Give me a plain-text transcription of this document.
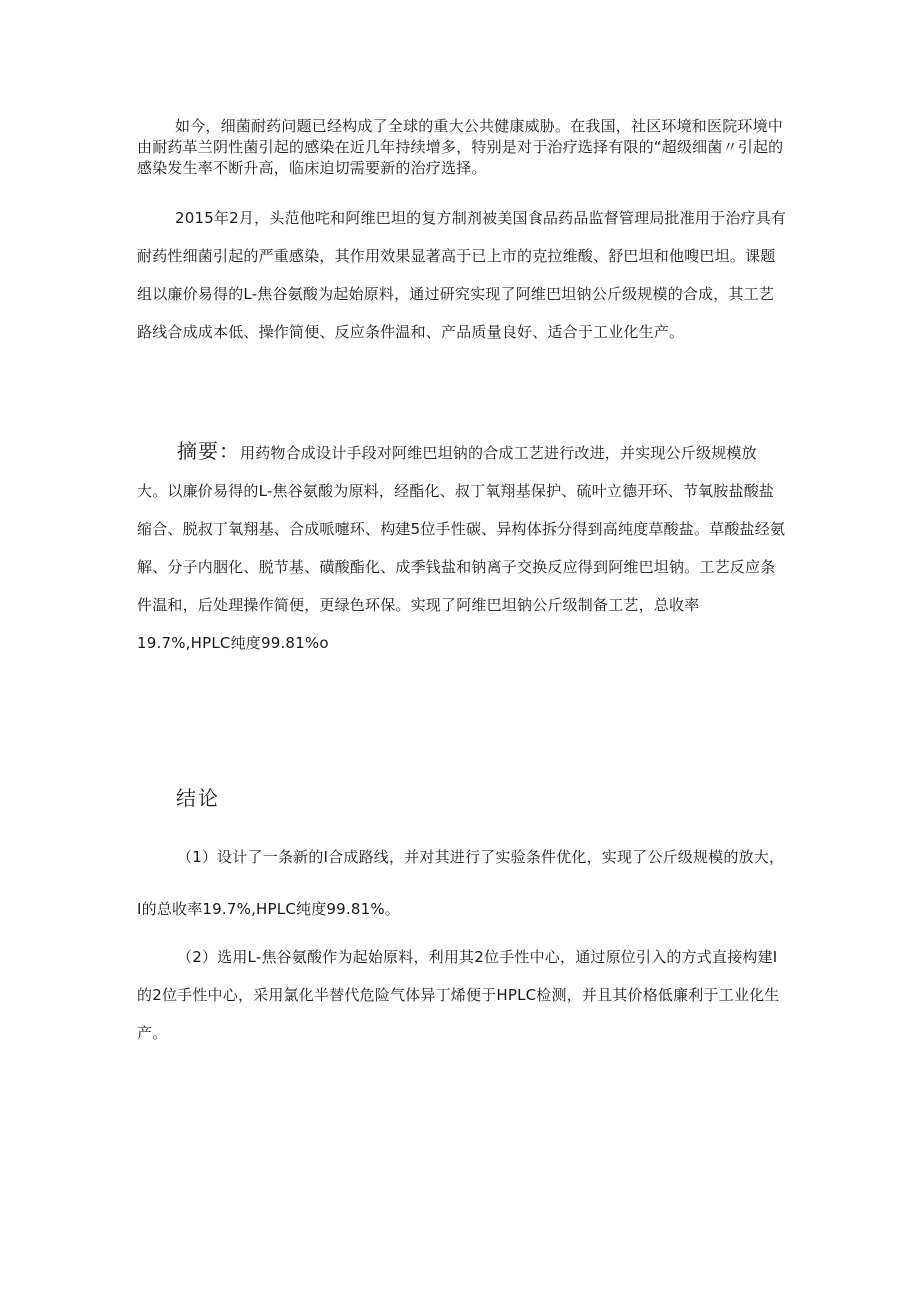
如今，细菌耐药问题已经构成了全球的重大公共健康威胁。在我国，社区环境和医院环境中由耐药革兰阴性菌引起的感染在近几年持续增多，特别是对于治疗选择有限的“超级细菌〃引起的感染发生率不断升高，临床迫切需要新的治疗选择。

2015年2月，头范他咤和阿维巴坦的复方制剂被美国食品药品监督管理局批准用于治疗具有耐药性细菌引起的严重感染，其作用效果显著高于已上市的克拉维酸、舒巴坦和他嗖巴坦。课题组以廉价易得的L-焦谷氨酸为起始原料，通过研究实现了阿维巴坦钠公斤级规模的合成，其工艺路线合成成本低、操作简便、反应条件温和、产品质量良好、适合于工业化生产。

摘要：用药物合成设计手段对阿维巴坦钠的合成工艺进行改进，并实现公斤级规模放大。以廉价易得的L-焦谷氨酸为原料，经酯化、叔丁氧翔基保护、硫叶立德开环、节氧胺盐酸盐缩合、脱叔丁氧翔基、合成哌嚏环、构建5位手性碳、异构体拆分得到高纯度草酸盐。草酸盐经氨解、分子内胭化、脱节基、磺酸酯化、成季钱盐和钠离子交换反应得到阿维巴坦钠。工艺反应条件温和，后处理操作简便，更绿色环保。实现了阿维巴坦钠公斤级制备工艺，总收率19.7%,HPLC纯度99.81%o

结论

（1）设计了一条新的I合成路线，并对其进行了实验条件优化，实现了公斤级规模的放大，I的总收率19.7%,HPLC纯度99.81%。

（2）选用L-焦谷氨酸作为起始原料，利用其2位手性中心，通过原位引入的方式直接构建I的2位手性中心，采用氯化半替代危险气体异丁烯便于HPLC检测，并且其价格低廉利于工业化生产。
